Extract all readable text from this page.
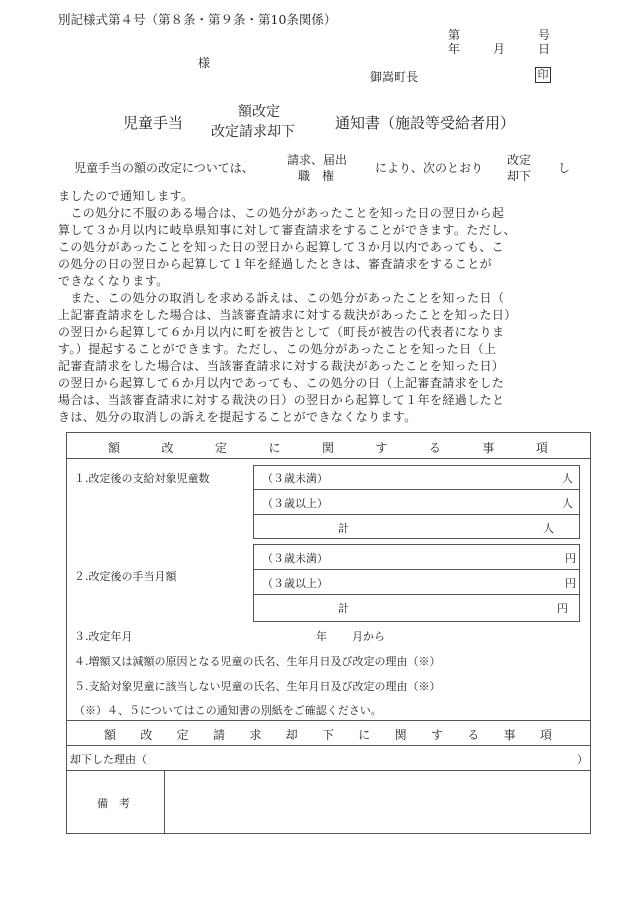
別記様式第４号（第８条・第９条・第10条関係）
第	号
年	月	日
様
御嵩町長	印
児童手当
額改定
改定請求却下	通知書（施設等受給者用）
児童手当の額の改定については、
請求、届出
職　権
により、次のとおり
改定
却下
し
ましたので通知します。
　この処分に不服のある場合は、この処分があったことを知った日の翌日から起
算して３か月以内に岐阜県知事に対して審査請求をすることができます。ただし、
この処分があったことを知った日の翌日から起算して３か月以内であっても、こ
の処分の日の翌日から起算して１年を経過したときは、審査請求をすることが
できなくなります。
　また、この処分の取消しを求める訴えは、この処分があったことを知った日（
上記審査請求をした場合は、当該審査請求に対する裁決があったことを知った日）
の翌日から起算して６か月以内に町を被告として（町長が被告の代表者になりま
す。）提起することができます。ただし、この処分があったことを知った日（上
記審査請求をした場合は、当該審査請求に対する裁決があったことを知った日）
の翌日から起算して６か月以内であっても、この処分の日（上記審査請求をした
場合は、当該審査請求に対する裁決の日）の翌日から起算して１年を経過したと
きは、処分の取消しの訴えを提起することができなくなります。
額	改	定	に	関	す	る	事	項
１.改定後の支給対象児童数	（３歳未満）	人
（３歳以上）	人
計	人
２.改定後の手当月額
（３歳未満）	円
（３歳以上）	円
計	円
３.改定年月	年 月から
４.増額又は減額の原因となる児童の氏名、生年月日及び改定の理由（※）
５.支給対象児童に該当しない児童の氏名、生年月日及び改定の理由（※）
（※）４、５についてはこの通知書の別紙をご確認ください。
額 改 定 請 求 却 下 に 関 す る 事 項
却下した理由（	）
備　考
